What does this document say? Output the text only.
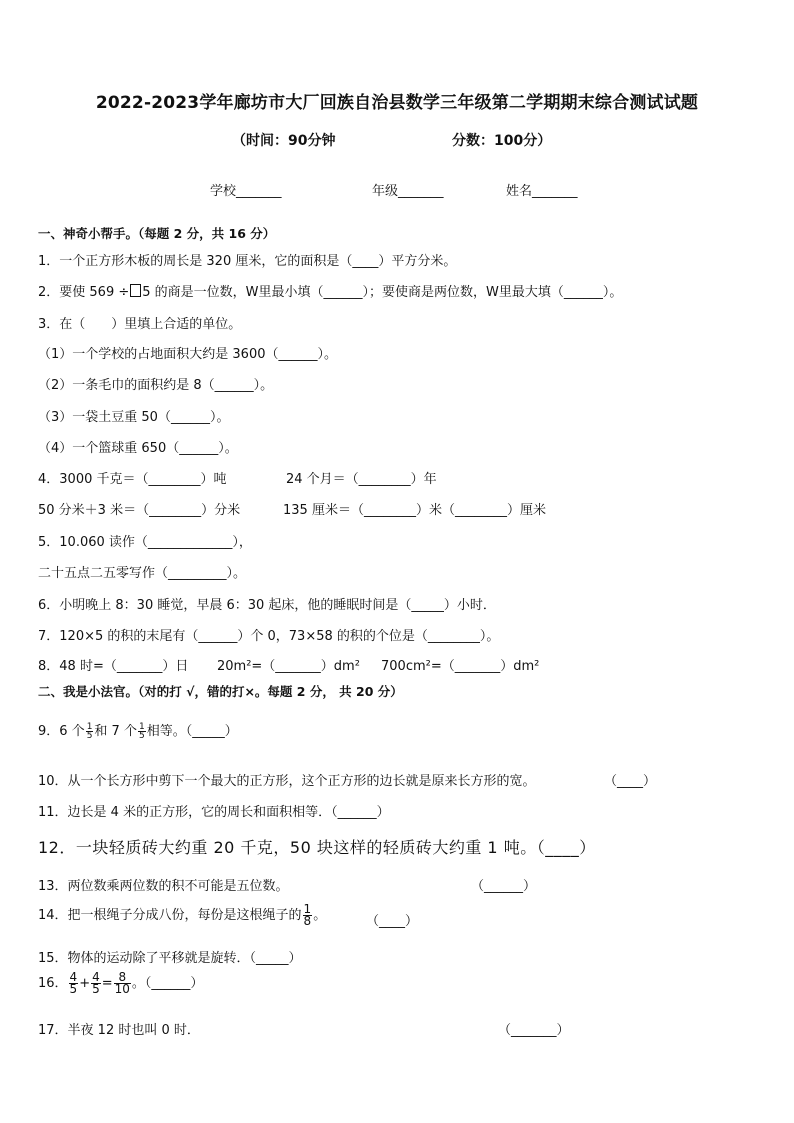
2022-2023学年廊坊市大厂回族自治县数学三年级第二学期期末综合测试试题
（时间：90分钟	分数：100分）
学校_______	年级_______	姓名_______
一、神奇小帮手。（每题 2 分，共 16 分）
1．一个正方形木板的周长是 320 厘米，它的面积是（____）平方分米。
2．要使 569 ÷ 5 的商是一位数，W里最小填（______）；要使商是两位数，W里最大填（______）。
3．在（　　）里填上合适的单位。
（1）一个学校的占地面积大约是 3600（______）。
（2）一条毛巾的面积约是 8（______）。
（3）一袋土豆重 50（______）。
（4）一个篮球重 650（______）。
4．3000 千克＝（________）吨	24 个月＝（________）年
50 分米＋3 米＝（________）分米	135 厘米＝（________）米（________）厘米
5．10.060 读作（_____________），
二十五点二五零写作（_________）。
6．小明晚上 8：30 睡觉，早晨 6：30 起床，他的睡眠时间是（_____）小时．
7．120×5 的积的末尾有（______）个 0，73×58 的积的个位是（________）。
8．48 时=（_______）日 20m²=（_______）dm² 700cm²=（_______）dm²
二、我是小法官。（对的打 √，错的打×。每题 2 分， 共 20 分）
9．6 个 $\frac{1}{5}$ 和 7 个 $\frac{1}{5}$ 相等。（_____）
10．从一个长方形中剪下一个最大的正方形，这个正方形的边长就是原来长方形的宽。	（____）
11．边长是 4 米的正方形，它的周长和面积相等．（______）
12．一块轻质砖大约重 20 千克，50 块这样的轻质砖大约重 1 吨。（____）
13．两位数乘两位数的积不可能是五位数。	（______）
14．把一根绳子分成八份，每份是这根绳子的 $\frac{1}{8}$ 。	（____）
15．物体的运动除了平移就是旋转．（_____）
16． $\frac{4}{5} + \frac{4}{5} = \frac{8}{10}$ 。（______）
17．半夜 12 时也叫 0 时．	（_______）
